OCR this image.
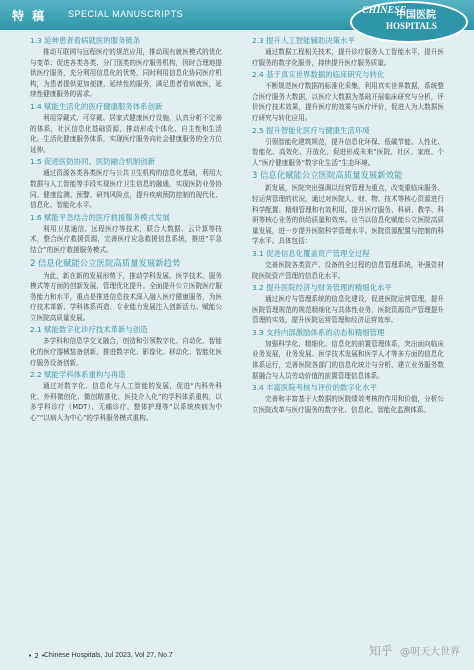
特 稿 SPECIAL MANUSCRIPTS	CHINESE
中国医院
HOSPITALS
1.3 延伸患者看病就医的服务链条
推动互联网与远程医疗的规范应用，推动现有就医模式的优化与变革；促进各类各类、分门别类的医疗服务机构，因时合理地提供医疗服务，充分利用信息化的优势，同时利用信息化协同医疗机构，为患者提供更加便捷、延续性的服务，满足患者看病就医，延续性健康服务的需求。
1.4 赋能生活化的医疗健康服务体系创新
利用穿戴式、可穿戴、居家式健康医疗设施，认真分析不完善的体系，社区信息化基础资源，推动形成个体化、自主性和生活化、生活化健康服务体系，实现医疗服务向社会健康服务的全方位延伸。
1.5 促进医防协同、医防融合机制创新
通过资源各类各类医疗与公共卫生机构的信息化基础，利用大数据与人工智能等手段实现医疗卫生信息的融通，实现医防业务协同、健康监测、预警、研判风险点，提升疾病预防控制的现代化、信息化、智能化水平。
1.6 赋能平急结合的医疗救援服务模式发展
利用卫星通信、远程医疗等技术，联合大数据、云计算等技术，整合医疗救援资源，完善医疗应急救援信息系统，推进“平急结合”的医疗救援服务模式。
2 信息化赋能公立医院高质量发展新趋势
为此，新在新的发展形势下，推动学科发展、医学技术、服务模式等方面的创新发展，管理优化提升。全面提升公立医院医疗服务能力和水平，重点是推进信息技术深入融入医疗健康服务，为医疗技术革新、学科体系再造、专业能力发展注入创新活力。赋能公立医院高质量发展。
2.1 赋能数字化诊疗技术革新与创造
多学科和信息学交叉融合，创造和引领数字化、自动化、智能化的医疗器械装备创新，推进数字化、影像化、移动化、智能化医疗服务设备创新。
2.2 赋能学科体系重构与再造
通过对数字化、信息化与人工智能的发展，促进“内科外科化、外科微创化、微创精准化、医技介入化”的学科体系重构，以多学科诊疗（MDT）、无痛诊疗、整体护理等“以系统疾病为中心”“以病人为中心”的学科服务模式重构。
2.3 提升人工智能辅助决策水平
通过数据工程相关技术，提升诊疗服务人工智能水平，提升医疗服务的数字化服务，持续提升医疗服务质量。
2.4 基于真实世界数据的临床研究与转化
不断规范医疗数据的标准化采集，利用真实世界数据，系统整合医疗服务大数据，以医疗大数据为基础开展临床研究与分析，评价医疗技术效果，提升医疗的效果与医疗评价，促进人为大数据医疗研究与转化应用。
2.5 提升智能化医疗与健康生活环境
引领智能化建筑规范，提升信息化环保、低碳节能、人性化、智能化、高效化、开放化，促进形成未来“医院、社区、家庭、个人”医疗健康服务“数字化生活”生态环境。
3 信息化赋能公立医院高质量发展新效能
新发展，医院突出强调以经营管理为重点，改变重临床服务、轻运营管理的状况，通过对医院人、财、物、技术等核心资源进行科学配置、精细管理和有效利用，提升医疗服务、科研、教学、科研等核心业务的供给质量和效率。应当以信息化赋能公立医院高质量发展，进一步提升医院科学管理水平。医院资源配置与控制的科学水平。具体包括：
3.1 促进信息化覆盖资产管理全过程
完善医院各类资产、设备的全过程的信息管理系统，补强资材院医院资产管理的信息化水平。
3.2 提升医院经济与财务管理的精细化水平
通过医疗与管理系统的信息化建设，促进医院运营管理，提升医院管理规范的规范精细化与具体性业务，医院资源资产管理提升管理的实效，提升医院运营管理和经济运营效率。
3.3 支持内部激励体系的动态和精细管理
加强科学化、精细化、信息化的前置管理体系，突出面向临床业务发展，业务发展、医学技术发展和医学人才等多方面的信息化体系运行，完善医院各部门的信息化统计与分析，建立业务服务数据融合与人员劳动价值的前置管理信息体系。
3.4 丰富医院考核与评价的数字化水平
完善和丰富基于大数据的医院绩效考核的作用和价值，分析公立医院改革与医疗服务的数字化、信息化、智能化监测体系。
• 2 •
Chinese Hospitals, Jul 2023, Vol 27, No.7	知乎 @明天大世界
